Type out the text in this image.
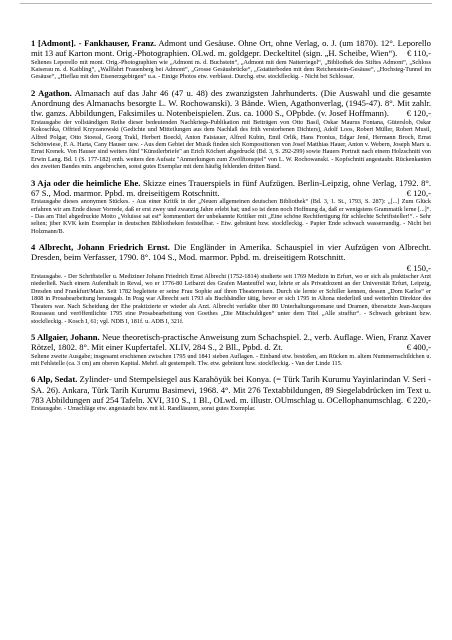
1 [Admont]. - Fankhauser, Franz. Admont und Gesäuse. Ohne Ort, ohne Verlag, o. J. (um 1870). 12°. Leporello mit 13 auf Karton mont. Orig.-Photographien. OLwd. m. goldgepr. Deckeltitel (sign. „H. Scheibe, Wien“). € 110,-

Seltenes Leporello mit mont. Orig.-Photographien wie „Admont m. d. Buchstein“, „Admont mit dem Natterriegel“, „Bibliothek des Stiftes Admont“, „Schloss Kaiserau m. d. Kaibling“, „Wallfahrt Frauenberg bei Admont“, „Grosse Gesäusbrücke“, „Gstatterboden mit dem Reichenstein-Gesäuse“, „Hochsteg-Tunnel im Gesäuse“, „Hieflau mit den Eisenerzgebirgen“ u.a. - Einige Photos etw. verblasst. Durchg. etw. stockfleckig. - Nicht bei Schlossar.

2 Agathon. Almanach auf das Jahr 46 (47 u. 48) des zwanzigsten Jahrhunderts. (Die Auswahl und die gesamte Anordnung des Almanachs besorgte L. W. Rochowanski). 3 Bände. Wien, Agathonverlag, (1945-47). 8°. Mit zahlr. tlw. ganzs. Abbildungen, Faksimiles u. Notenbeispielen. Zus. ca. 1000 S., OPpbde. (v. Josef Hoffmann). € 120,-

Erstausgabe der vollständigen Reihe dieser bedeutenden Nachkriegs-Publikation mit Beiträgen von Otto Basil, Oskar Maurus Fontana, Gütersloh, Oskar Kokoschka, Offried Krzyzanowski (Gedichte und Mitteilungen aus dem Nachlaß des früh verstorbenen Dichters), Adolf Loos, Robert Müller, Robert Musil, Alfred Polgar, Otto Stoessl, Georg Trakl, Herbert Boeckl, Anton Faistauer, Alfred Kubin, Emil Orlik, Hans Fronius, Edgar Jené, Hermann Broch, Ernst Schönwiese, F. A. Harta, Cany Hauser usw. - Aus dem Gebiet der Musik finden sich Kompositionen von Josef Matthias Hauer, Anton v. Webern, Joseph Marx u. Ernst Krenek. Von Hauser sind weiters fünf "Künstlerbriefe" an Erich Köchert abgedruckt (Bd. 3, S. 292-299) sowie Hauers Portrait nach einem Holzschnitt von Erwin Lang. Bd. 1 (S. 177-182) enth. weiters den Aufsatz "Anmerkungen zum Zwölftonspiel" von L. W. Rochowanski. - Kopfschnitt angestaubt. Rückenkanten des zweiten Bandes min. angebrochen, sonst gutes Exemplar mit dem häufig fehlenden dritten Band.

3 Aja oder die heimliche Ehe. Skizze eines Trauerspiels in fünf Aufzügen. Berlin-Leipzig, ohne Verlag, 1792. 8°. 67 S., Mod. marmor. Ppbd. m. dreiseitigem Rotschnitt.	€ 120,-

Erstausgabe dieses anonymen Stückes. - Aus einer Kritik in der „Neuen allgemeinen deutschen Bibliothek“ (Bd. 3, 1. St., 1793, S. 287): „[...] Zum Glück erfahren wir am Ende dieser Vorrede, daß er erst zwey und zwanzig Jahre erlebt hat; und so ist denn noch Hoffnung da, daß er wenigstens Grammatik lerne [...]“. - Das am Titel abgedruckte Motto „Voluisse sat est“ kommentiert der unbekannte Kritiker mit „Eine schöne Rechtfertigung für schlechte Schriftsteller!“. - Sehr selten; jiber KVK kein Exemplar in deutschen Bibliotheken feststellbar. - Etw. gebräunt bzw. stockfleckig. - Papier Ende schwach wasserrandig. - Nicht bei Holzmann/B.

4 Albrecht, Johann Friedrich Ernst. Die Engländer in Amerika. Schauspiel in vier Aufzügen von Albrecht. Dresden, beim Verfasser, 1790. 8°. 104 S., Mod. marmor. Ppbd. m. dreiseitigem Rotschnitt.

€ 150,-

Erstausgabe. - Der Schriftsteller u. Mediziner Johann Friedrich Ernst Albrecht (1752-1814) studierte seit 1769 Medizin in Erfurt, wo er sich als praktischer Arzt niederließ. Nach einem Aufenthalt in Reval, wo er 1776-80 Leibarzt des Grafen Manteuffel war, lehrte er als Privatdozent an der Universität Erfurt, Leipzig, Dresden und Frankfurt/Main. Seit 1782 begleitete er seine Frau Sophie auf ihren Theaterreisen. Durch sie lernte er Schiller kennen, dessen „Dom Karlos“ er 1808 in Prosabearbeitung herausgab. In Prag war Albrecht seit 1793 als Buchhändler tätig, bevor er sich 1795 in Altona niederließ und weiterhin Direktor des Theaters war. Nach Scheidung der Ehe praktizierte er wieder als Arzt. Albrecht verfaßte über 80 Unterhaltungsromane und Dramen, übersetzte Jean-Jacques Rousseau und veröffentlichte 1795 eine Prosabearbeitung von Goethes „Die Mitschuldigen“ unter dem Titel „Alle straffur“. - Schwach gebräunt bzw. stockfleckig. - Kosch I, 61; vgl. NDB I, 181f. u. ADB I, 321f.

5 Allgaier, Johann. Neue theoretisch-practische Anweisung zum Schachspiel. 2., verb. Auflage. Wien, Franz Xaver Rötzel, 1802. 8°. Mit einer Kupfertafel. XLIV, 284 S., 2 Bll., Ppbd. d. Zt.	€ 400,-

Seltene zweite Ausgabe; insgesamt erschienen zwischen 1795 und 1841 sieben Auflagen. - Einband etw. bestoßen, am Rücken m. altem Nummernschildchen u. mit Fehlstelle (ca. 3 cm) am oberen Kapital. Mehrf. alt gestempelt. Tlw. etw. gebräunt bzw. stockfleckig. - Van der Linde 115.

6 Alp, Sedat. Zylinder- und Stempelsiegel aus Karahöyük bei Konya. (= Türk Tarih Kurumu Yayinlarindan V. Seri - SA. 26). Ankara, Türk Tarih Kurumu Basimevi, 1968. 4°. Mit 276 Textabbildungen, 89 Siegelabdrücken im Text u. 783 Abbildungen auf 254 Tafeln. XVI, 310 S., 1 Bl., OLwd. m. illustr. OUmschlag u. OCellophanumschlag. € 220,-

Erstausgabe. - Umschläge etw. angestaubt bzw. mit kl. Randläsuren, sonst gutes Exemplar.
